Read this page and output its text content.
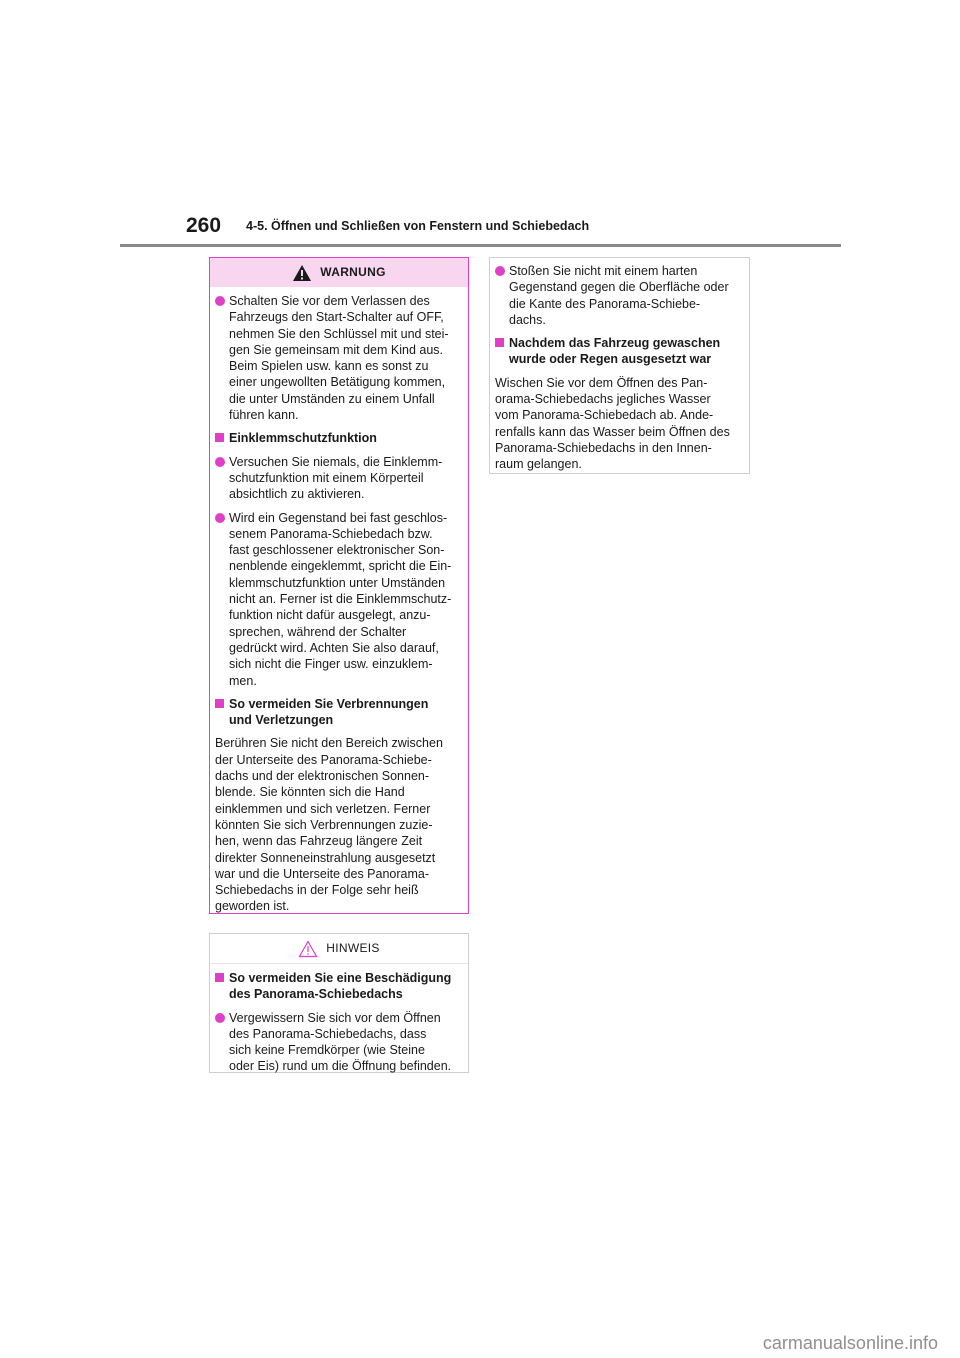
260 4-5. Öffnen und Schließen von Fenstern und Schiebedach
WARNUNG
Schalten Sie vor dem Verlassen des
Fahrzeugs den Start-Schalter auf OFF,
nehmen Sie den Schlüssel mit und stei-
gen Sie gemeinsam mit dem Kind aus.
Beim Spielen usw. kann es sonst zu
einer ungewollten Betätigung kommen,
die unter Umständen zu einem Unfall
führen kann.
Einklemmschutzfunktion
Versuchen Sie niemals, die Einklemm-
schutzfunktion mit einem Körperteil
absichtlich zu aktivieren.
Wird ein Gegenstand bei fast geschlos-
senem Panorama-Schiebedach bzw.
fast geschlossener elektronischer Son-
nenblende eingeklemmt, spricht die Ein-
klemmschutzfunktion unter Umständen
nicht an. Ferner ist die Einklemmschutz-
funktion nicht dafür ausgelegt, anzu-
sprechen, während der Schalter
gedrückt wird. Achten Sie also darauf,
sich nicht die Finger usw. einzuklem-
men.
So vermeiden Sie Verbrennungen
und Verletzungen
Berühren Sie nicht den Bereich zwischen
der Unterseite des Panorama-Schiebe-
dachs und der elektronischen Sonnen-
blende. Sie könnten sich die Hand
einklemmen und sich verletzen. Ferner
könnten Sie sich Verbrennungen zuzie-
hen, wenn das Fahrzeug längere Zeit
direkter Sonneneinstrahlung ausgesetzt
war und die Unterseite des Panorama-
Schiebedachs in der Folge sehr heiß
geworden ist.
HINWEIS
So vermeiden Sie eine Beschädigung
des Panorama-Schiebedachs
Vergewissern Sie sich vor dem Öffnen
des Panorama-Schiebedachs, dass
sich keine Fremdkörper (wie Steine
oder Eis) rund um die Öffnung befinden.
Stoßen Sie nicht mit einem harten
Gegenstand gegen die Oberfläche oder
die Kante des Panorama-Schiebe-
dachs.
Nachdem das Fahrzeug gewaschen
wurde oder Regen ausgesetzt war
Wischen Sie vor dem Öffnen des Pan-
orama-Schiebedachs jegliches Wasser
vom Panorama-Schiebedach ab. Ande-
renfalls kann das Wasser beim Öffnen des
Panorama-Schiebedachs in den Innen-
raum gelangen.
carmanualsonline.info
